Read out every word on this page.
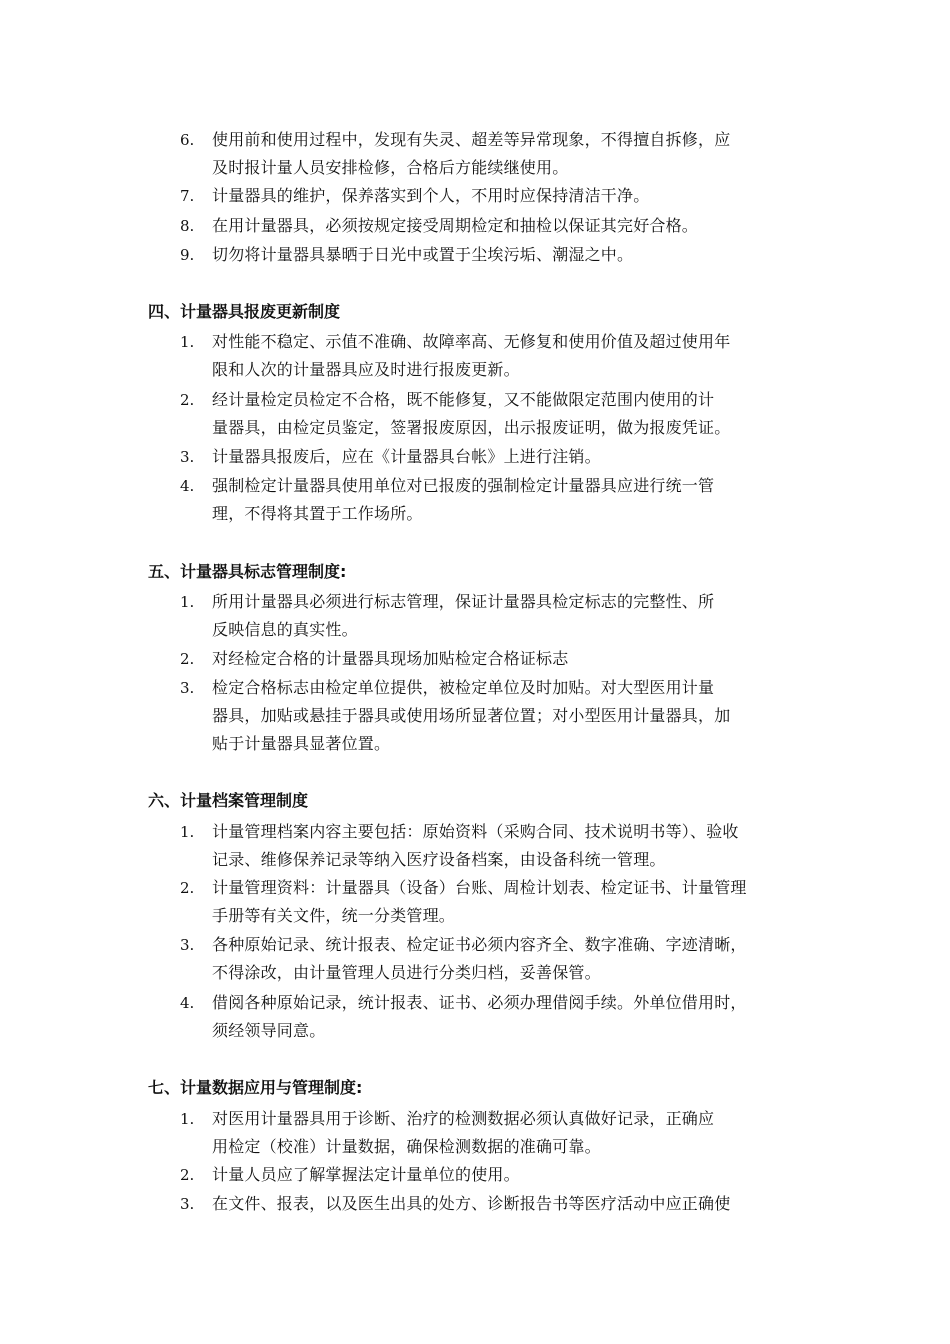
6. 使用前和使用过程中，发现有失灵、超差等异常现象，不得擅自拆修，应
及时报计量人员安排检修，合格后方能续继使用。
7. 计量器具的维护，保养落实到个人，不用时应保持清洁干净。
8. 在用计量器具，必须按规定接受周期检定和抽检以保证其完好合格。
9. 切勿将计量器具暴晒于日光中或置于尘埃污垢、潮湿之中。
四、计量器具报废更新制度
1. 对性能不稳定、示值不准确、故障率高、无修复和使用价值及超过使用年
限和人次的计量器具应及时进行报废更新。
2. 经计量检定员检定不合格，既不能修复，又不能做限定范围内使用的计
量器具，由检定员鉴定，签署报废原因，出示报废证明，做为报废凭证。
3. 计量器具报废后，应在《计量器具台帐》上进行注销。
4. 强制检定计量器具使用单位对已报废的强制检定计量器具应进行统一管
理，不得将其置于工作场所。
五、计量器具标志管理制度:
1. 所用计量器具必须进行标志管理，保证计量器具检定标志的完整性、所
反映信息的真实性。
2. 对经检定合格的计量器具现场加贴检定合格证标志
3. 检定合格标志由检定单位提供，被检定单位及时加贴。对大型医用计量
器具，加贴或悬挂于器具或使用场所显著位置；对小型医用计量器具，加
贴于计量器具显著位置。
六、计量档案管理制度
1. 计量管理档案内容主要包括：原始资料（采购合同、技术说明书等）、验收
记录、维修保养记录等纳入医疗设备档案，由设备科统一管理。
2. 计量管理资料：计量器具（设备）台账、周检计划表、检定证书、计量管理
手册等有关文件，统一分类管理。
3. 各种原始记录、统计报表、检定证书必须内容齐全、数字准确、字迹清晰，
不得涂改，由计量管理人员进行分类归档，妥善保管。
4. 借阅各种原始记录，统计报表、证书、必须办理借阅手续。外单位借用时，
须经领导同意。
七、计量数据应用与管理制度:
1. 对医用计量器具用于诊断、治疗的检测数据必须认真做好记录，正确应
用检定（校准）计量数据，确保检测数据的准确可靠。
2. 计量人员应了解掌握法定计量单位的使用。
3. 在文件、报表，以及医生出具的处方、诊断报告书等医疗活动中应正确使
